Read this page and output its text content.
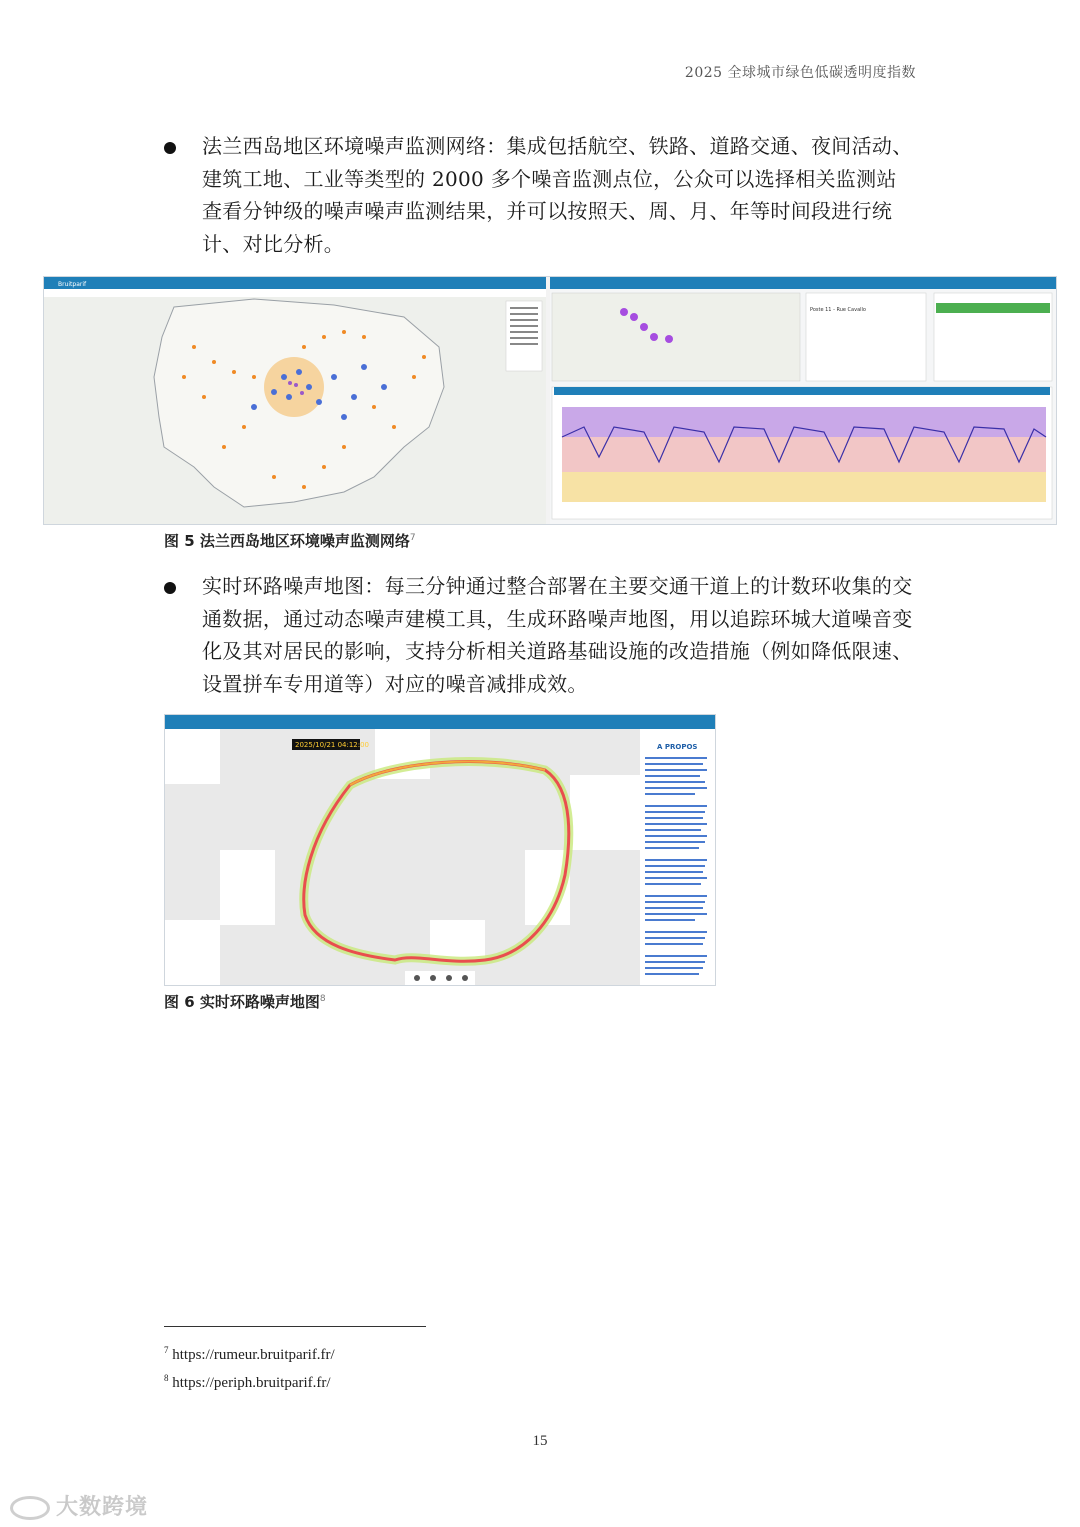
2025 全球城市绿色低碳透明度指数
法兰西岛地区环境噪声监测网络：集成包括航空、铁路、道路交通、夜间活动、建筑工地、工业等类型的 2000 多个噪音监测点位，公众可以选择相关监测站查看分钟级的噪声噪声监测结果，并可以按照天、周、月、年等时间段进行统计、对比分析。
Bruitparif
Poste 11 - Rue Cavallo
图 5 法兰西岛地区环境噪声监测网络$^7$
实时环路噪声地图：每三分钟通过整合部署在主要交通干道上的计数环收集的交通数据，通过动态噪声建模工具，生成环路噪声地图，用以追踪环城大道噪音变化及其对居民的影响，支持分析相关道路基础设施的改造措施（例如降低限速、设置拼车专用道等）对应的噪音减排成效。
2025/10/21 04:12:00	A PROPOS
图 6 实时环路噪声地图$^8$
$^7$ https://rumeur.bruitparif.fr/
$^8$ https://periph.bruitparif.fr/
15
大数跨境
